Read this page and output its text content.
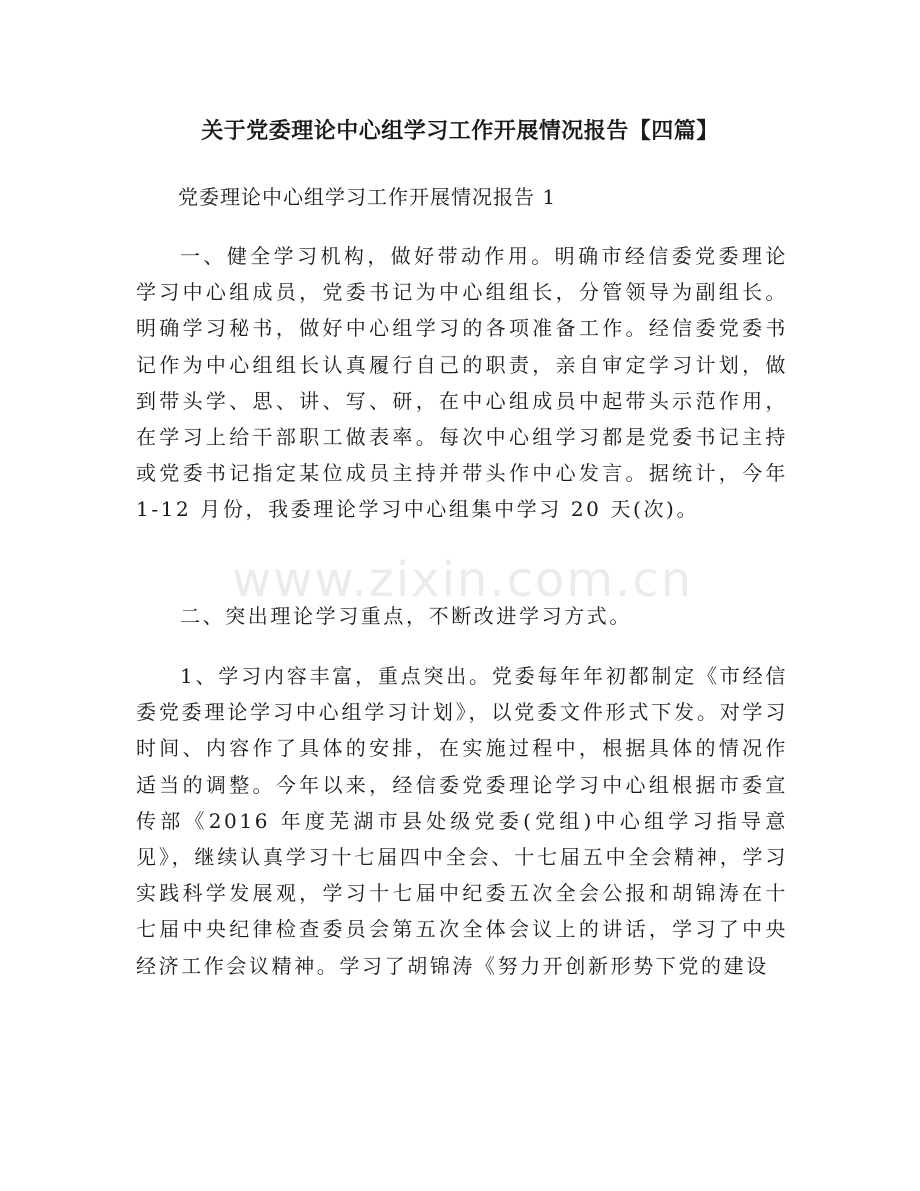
关于党委理论中心组学习工作开展情况报告【四篇】

党委理论中心组学习工作开展情况报告 1

一、健全学习机构，做好带动作用。明确市经信委党委理论学习中心组成员，党委书记为中心组组长，分管领导为副组长。明确学习秘书，做好中心组学习的各项准备工作。经信委党委书记作为中心组组长认真履行自己的职责，亲自审定学习计划，做到带头学、思、讲、写、研，在中心组成员中起带头示范作用，在学习上给干部职工做表率。每次中心组学习都是党委书记主持或党委书记指定某位成员主持并带头作中心发言。据统计，今年1-12 月份，我委理论学习中心组集中学习 20 天(次)。

二、突出理论学习重点，不断改进学习方式。

1、学习内容丰富，重点突出。党委每年年初都制定《市经信委党委理论学习中心组学习计划》，以党委文件形式下发。对学习时间、内容作了具体的安排，在实施过程中，根据具体的情况作适当的调整。今年以来，经信委党委理论学习中心组根据市委宣传部《2016 年度芜湖市县处级党委(党组)中心组学习指导意见》，继续认真学习十七届四中全会、十七届五中全会精神，学习实践科学发展观，学习十七届中纪委五次全会公报和胡锦涛在十七届中央纪律检查委员会第五次全体会议上的讲话，学习了中央经济工作会议精神。学习了胡锦涛《努力开创新形势下党的建设

www.zixin.com.cn
